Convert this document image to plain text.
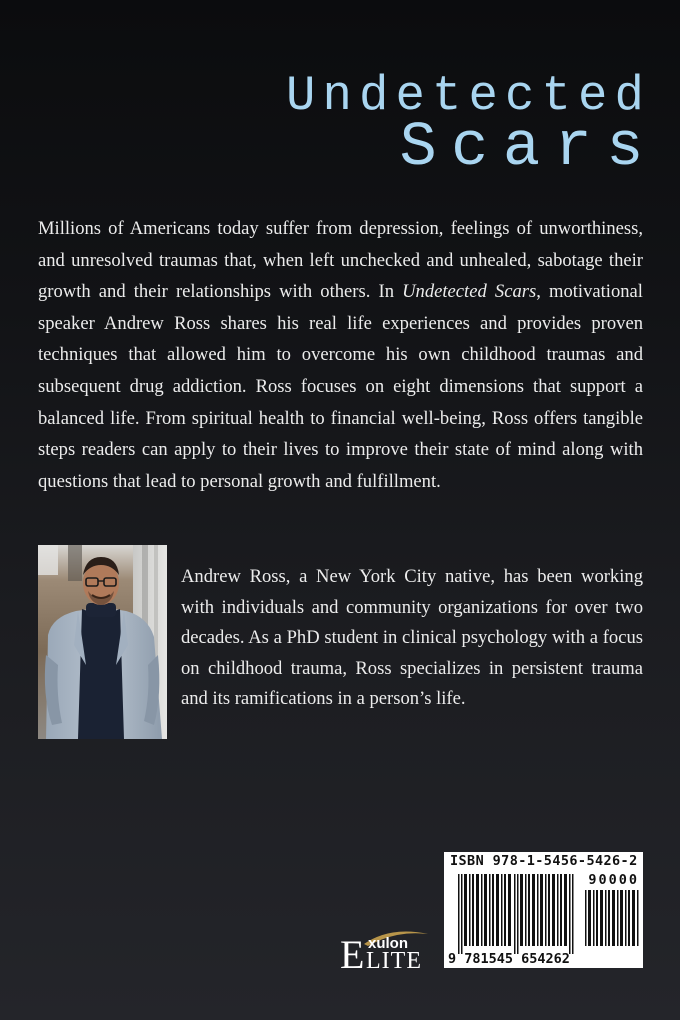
Undetected
Scars
Millions of Americans today suffer from depression, feelings of unworthiness, and unresolved traumas that, when left unchecked and unhealed, sabotage their growth and their relationships with others. In Undetected Scars, motivational speaker Andrew Ross shares his real life experiences and provides proven techniques that allowed him to overcome his own childhood traumas and subsequent drug addiction. Ross focuses on eight dimensions that support a balanced life. From spiritual health to financial well-being, Ross offers tangible steps readers can apply to their lives to improve their state of mind along with questions that lead to personal growth and fulfillment.
Andrew Ross, a New York City native, has been working with individuals and community organizations for over two decades. As a PhD student in clinical psychology with a focus on childhood trauma, Ross specializes in persistent trauma and its ramifications in a person’s life.
E LITE
xulon
ISBN 978-1-5456-5426-2
90000
9 781545 654262
